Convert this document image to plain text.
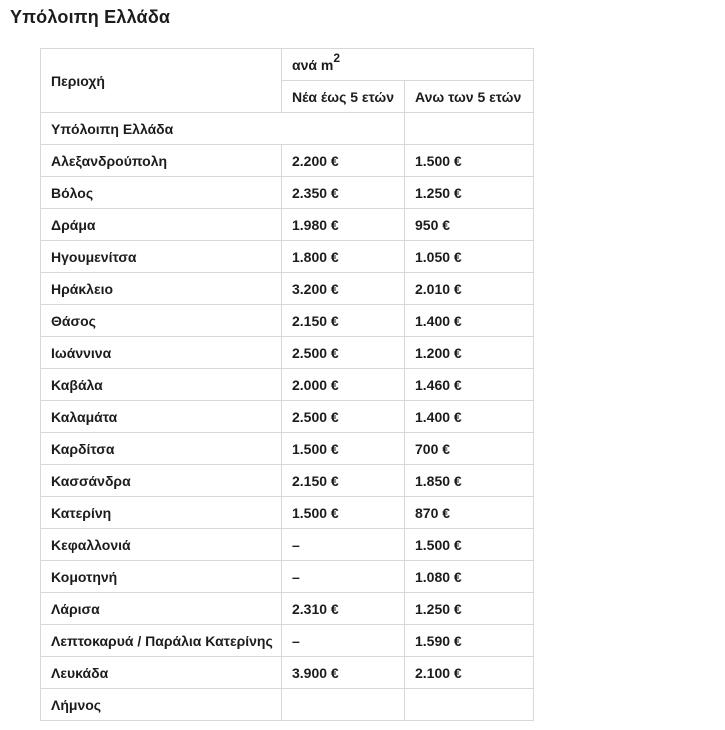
Υπόλοιπη Ελλάδα
Περιοχή	ανά $m^2$
	Νέα έως 5 ετών	Ανω των 5 ετών
Υπόλοιπη Ελλάδα		
Αλεξανδρούπολη	2.200 €	1.500 €
Βόλος	2.350 €	1.250 €
Δράμα	1.980 €	950 €
Ηγουμενίτσα	1.800 €	1.050 €
Ηράκλειο	3.200 €	2.010 €
Θάσος	2.150 €	1.400 €
Ιωάννινα	2.500 €	1.200 €
Καβάλα	2.000 €	1.460 €
Καλαμάτα	2.500 €	1.400 €
Καρδίτσα	1.500 €	700 €
Κασσάνδρα	2.150 €	1.850 €
Κατερίνη	1.500 €	870 €
Κεφαλλονιά	–	1.500 €
Κομοτηνή	–	1.080 €
Λάρισα	2.310 €	1.250 €
Λεπτοκαρυά / Παράλια Κατερίνης	–	1.590 €
Λευκάδα	3.900 €	2.100 €
Λήμνος		
